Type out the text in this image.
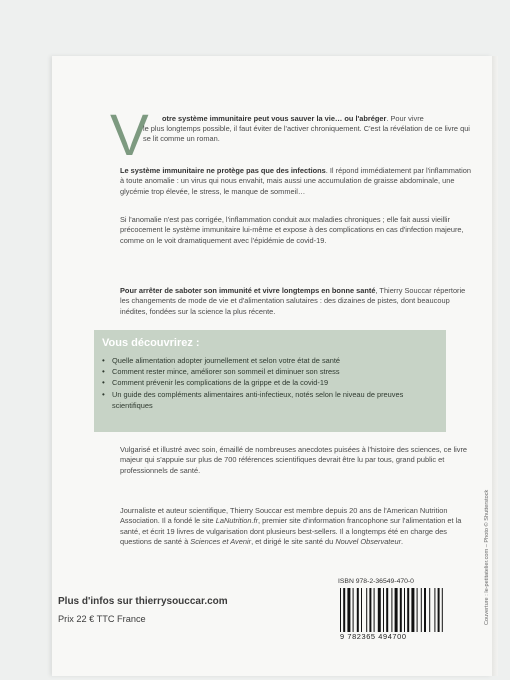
V otre système immunitaire peut vous sauver la vie… ou l'abréger. Pour vivre
le plus longtemps possible, il faut éviter de l'activer chroniquement. C'est la révélation de ce livre qui se lit comme un roman.
Le système immunitaire ne protège pas que des infections. Il répond immédiatement par l'inflammation à toute anomalie : un virus qui nous envahit, mais aussi une accumulation de graisse abdominale, une glycémie trop élevée, le stress, le manque de sommeil…
Si l'anomalie n'est pas corrigée, l'inflammation conduit aux maladies chroniques ; elle fait aussi vieillir précocement le système immunitaire lui-même et expose à des complications en cas d'infection majeure, comme on le voit dramatiquement avec l'épidémie de covid-19.
Pour arrêter de saboter son immunité et vivre longtemps en bonne santé, Thierry Souccar répertorie les changements de mode de vie et d'alimentation salutaires : des dizaines de pistes, dont beaucoup inédites, fondées sur la science la plus récente.
Vous découvrirez :
• Quelle alimentation adopter journellement et selon votre état de santé
• Comment rester mince, améliorer son sommeil et diminuer son stress
• Comment prévenir les complications de la grippe et de la covid-19
• Un guide des compléments alimentaires anti-infectieux, notés selon le niveau de preuves scientifiques
Vulgarisé et illustré avec soin, émaillé de nombreuses anecdotes puisées à l'histoire des sciences, ce livre majeur qui s'appuie sur plus de 700 références scientifiques devrait être lu par tous, grand public et professionnels de santé.
Journaliste et auteur scientifique, Thierry Souccar est membre depuis 20 ans de l'American Nutrition Association. Il a fondé le site LaNutrition.fr, premier site d'information francophone sur l'alimentation et la santé, et écrit 19 livres de vulgarisation dont plusieurs best-sellers. Il a longtemps été en charge des questions de santé à Sciences et Avenir, et dirigé le site santé du Nouvel Observateur.
ISBN 978-2-36549-470-0
9 782365 494700
Plus d'infos sur thierrysouccar.com
Prix 22 € TTC France	Couverture : le-petitatelier.com – Photo © Shutterstock
